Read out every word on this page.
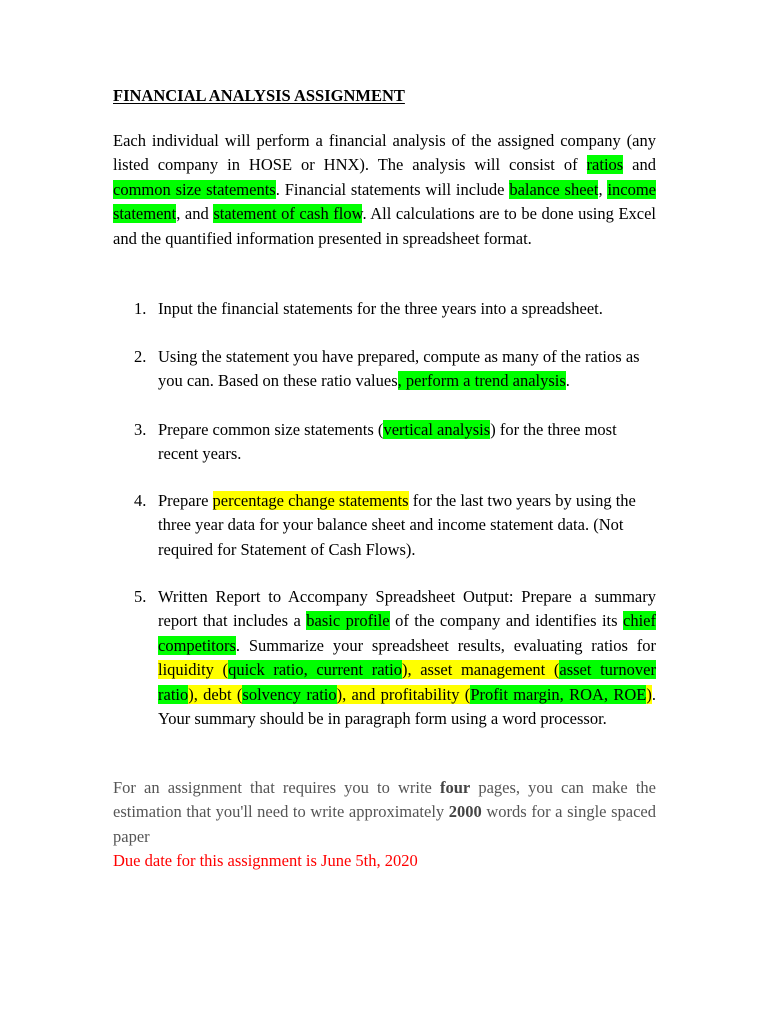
FINANCIAL ANALYSIS ASSIGNMENT

Each individual will perform a financial analysis of the assigned company (any listed company in HOSE or HNX). The analysis will consist of ratios and common size statements. Financial statements will include balance sheet, income statement, and statement of cash flow. All calculations are to be done using Excel and the quantified information presented in spreadsheet format.

1. Input the financial statements for the three years into a spreadsheet.
2. Using the statement you have prepared, compute as many of the ratios as you can. Based on these ratio values, perform a trend analysis.
3. Prepare common size statements (vertical analysis) for the three most recent years.
4. Prepare percentage change statements for the last two years by using the three year data for your balance sheet and income statement data. (Not required for Statement of Cash Flows).
5. Written Report to Accompany Spreadsheet Output: Prepare a summary report that includes a basic profile of the company and identifies its chief competitors. Summarize your spreadsheet results, evaluating ratios for liquidity (quick ratio, current ratio), asset management (asset turnover ratio), debt (solvency ratio), and profitability (Profit margin, ROA, ROE). Your summary should be in paragraph form using a word processor.

For an assignment that requires you to write four pages, you can make the estimation that you'll need to write approximately 2000 words for a single spaced paper

Due date for this assignment is June 5th, 2020
